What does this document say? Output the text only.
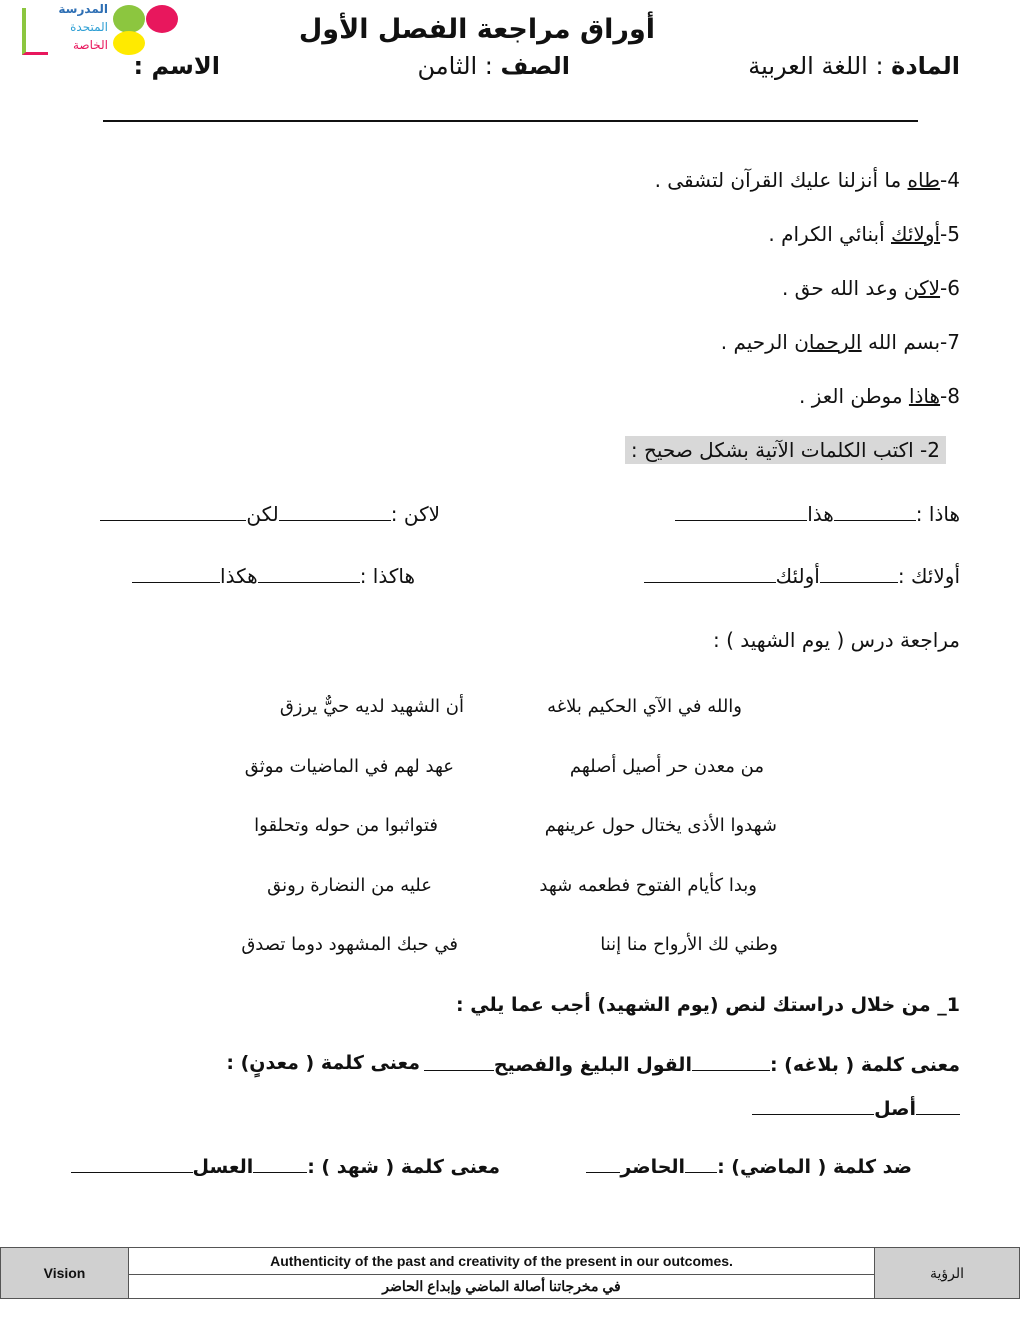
المدرسة
المتحدة
الخاصة	أوراق مراجعة الفصل الأول
المادة : اللغة العربية
الصف : الثامن
الاسم :
4-طاه ما أنزلنا عليك القرآن لتشقى .
5-أولائك أبنائي الكرام .
6-لاكن وعد الله حق .
7-بسم الله الرحمان الرحيم .
8-هاذا موطن العز .
2- اكتب الكلمات الآتية بشكل صحيح :
هاذا :هذا
لاكن :لكن
أولائك :أولئك
هاكذا :هكذا
مراجعة درس ( يوم الشهيد ) :
والله في الآي الحكيم بلاغه
أن الشهيد لديه حيٌّ يرزق
من معدن حر أصيل أصلهم
عهد لهم في الماضيات موثق
شهدوا الأذى يختال حول عرينهم
فتواثبوا من حوله وتحلقوا
وبدا كأيام الفتوح فطعمه شهد
عليه من النضارة رونق
وطني لك الأرواح منا إننا
في حبك المشهود دوما تصدق
1_ من خلال دراستك لنص (يوم الشهيد) أجب عما يلي :
معنى كلمة ( بلاغه) :القول البليغ والفصيح
معنى كلمة ( معدنٍ) :
أصل
ضد كلمة ( الماضي) :الحاضر
معنى كلمة ( شهد ) :العسل
Vision	Authenticity of the past and creativity of the present in our outcomes.	الرؤية
في مخرجاتنا أصالة الماضي وإبداع الحاضر
